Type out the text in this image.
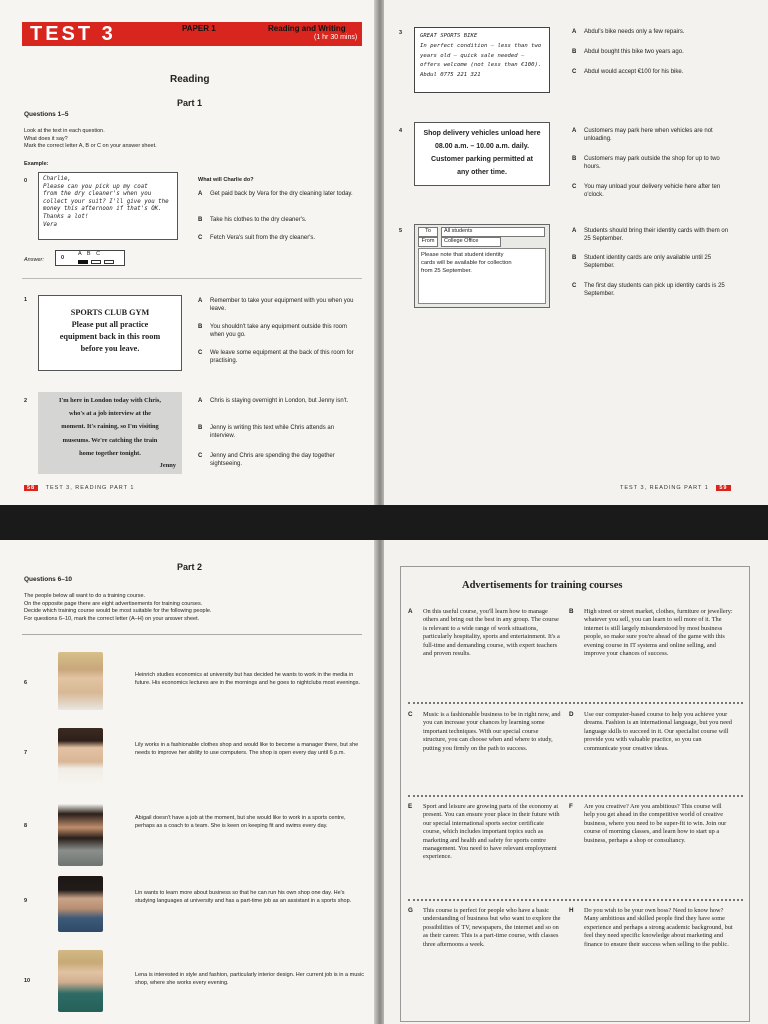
TEST 3	PAPER 1	Reading and Writing
(1 hr 30 mins)
Reading
Part 1
Questions 1–5
Look at the text in each question.
What does it say?
Mark the correct letter A, B or C on your answer sheet.
Example:
0	Charlie,
Please can you pick up my coat
from the dry cleaner's when you
collect your suit? I'll give you the
money this afternoon if that's OK.
Thanks a lot!
Vera
What will Charlie do?
A Get paid back by Vera for the dry cleaning later today.
B Take his clothes to the dry cleaner's.
C Fetch Vera's suit from the dry cleaner's.
Answer:	0
A B C
1
SPORTS CLUB GYM
Please put all practice
equipment back in this room
before you leave.
A Remember to take your equipment with you when you leave.
B You shouldn't take any equipment outside this room when you go.
C We leave some equipment at the back of this room for practising.
2	I'm here in London today with Chris,
who's at a job interview at the
moment. It's raining, so I'm visiting
museums. We're catching the train
home together tonight.
Jenny
A Chris is staying overnight in London, but Jenny isn't.
B Jenny is writing this text while Chris attends an interview.
C Jenny and Chris are spending the day together sightseeing.
58 TEST 3, READING PART 1
3	GREAT SPORTS BIKE
In perfect condition – less than two
years old – quick sale needed –
offers welcome (not less than €100).
Abdul 0775 221 321
A Abdul's bike needs only a few repairs.
B Abdul bought this bike two years ago.
C Abdul would accept €100 for his bike.
4	Shop delivery vehicles unload here
08.00 a.m. – 10.00 a.m. daily.
Customer parking permitted at
any other time.
A Customers may park here when vehicles are not unloading.
B Customers may park outside the shop for up to two hours.
C You may unload your delivery vehicle here after ten o'clock.
5	To	All students
From	College Office
Please note that student identity
cards will be available for collection
from 25 September.
A Students should bring their identity cards with them on 25 September.
B Student identity cards are only available until 25 September.
C The first day students can pick up identity cards is 25 September.
TEST 3, READING PART 1 59
Part 2
Questions 6–10
The people below all want to do a training course.
On the opposite page there are eight advertisements for training courses.
Decide which training course would be most suitable for the following people.
For questions 6–10, mark the correct letter (A–H) on your answer sheet.
6
Heinrich studies economics at university but has decided he wants to work in the media in future. His economics lectures are in the mornings and he goes to nightclubs most evenings.
7
Lily works in a fashionable clothes shop and would like to become a manager there, but she needs to improve her ability to use computers. The shop is open every day until 6 p.m.
8
Abigail doesn't have a job at the moment, but she would like to work in a sports centre, perhaps as a coach to a team. She is keen on keeping fit and swims every day.
9
Lin wants to learn more about business so that he can run his own shop one day. He's studying languages at university and has a part-time job as an assistant in a sports shop.
10
Lena is interested in style and fashion, particularly interior design. Her current job is in a music shop, where she works every evening.
Advertisements for training courses
A On this useful course, you'll learn how to manage others and bring out the best in any group. The course is relevant to a wide range of work situations, particularly hospitality, sports and entertainment. It's a full-time and demanding course, with expert teachers and proven results.
B High street or street market, clothes, furniture or jewellery: whatever you sell, you can learn to sell more of it. The internet is still largely misunderstood by most business people, so make sure you're ahead of the game with this evening course in IT systems and online selling, and improve your chances of success.
C Music is a fashionable business to be in right now, and you can increase your chances by learning some important techniques. With our special course structure, you can choose when and where to study, putting you firmly on the path to success.
D Use our computer-based course to help you achieve your dreams. Fashion is an international language, but you need language skills to succeed in it. Our specialist course will provide you with valuable practice, so you can communicate your creative ideas.
E Sport and leisure are growing parts of the economy at present. You can ensure your place in their future with our special international sports sector certificate course, which includes important topics such as marketing and health and safety for sports centre management. You need to have relevant employment experience.
F Are you creative? Are you ambitious? This course will help you get ahead in the competitive world of creative business, where you need to be super-fit to win. Join our course of morning classes, and learn how to start up a business, perhaps a shop or consultancy.
G This course is perfect for people who have a basic understanding of business but who want to explore the possibilities of TV, newspapers, the internet and so on as their career. This is a part-time course, with classes three afternoons a week.
H Do you wish to be your own boss? Need to know how? Many ambitious and skilled people find they have some experience and perhaps a strong academic background, but feel they need specific knowledge about marketing and finance to ensure their success when selling to the public.
